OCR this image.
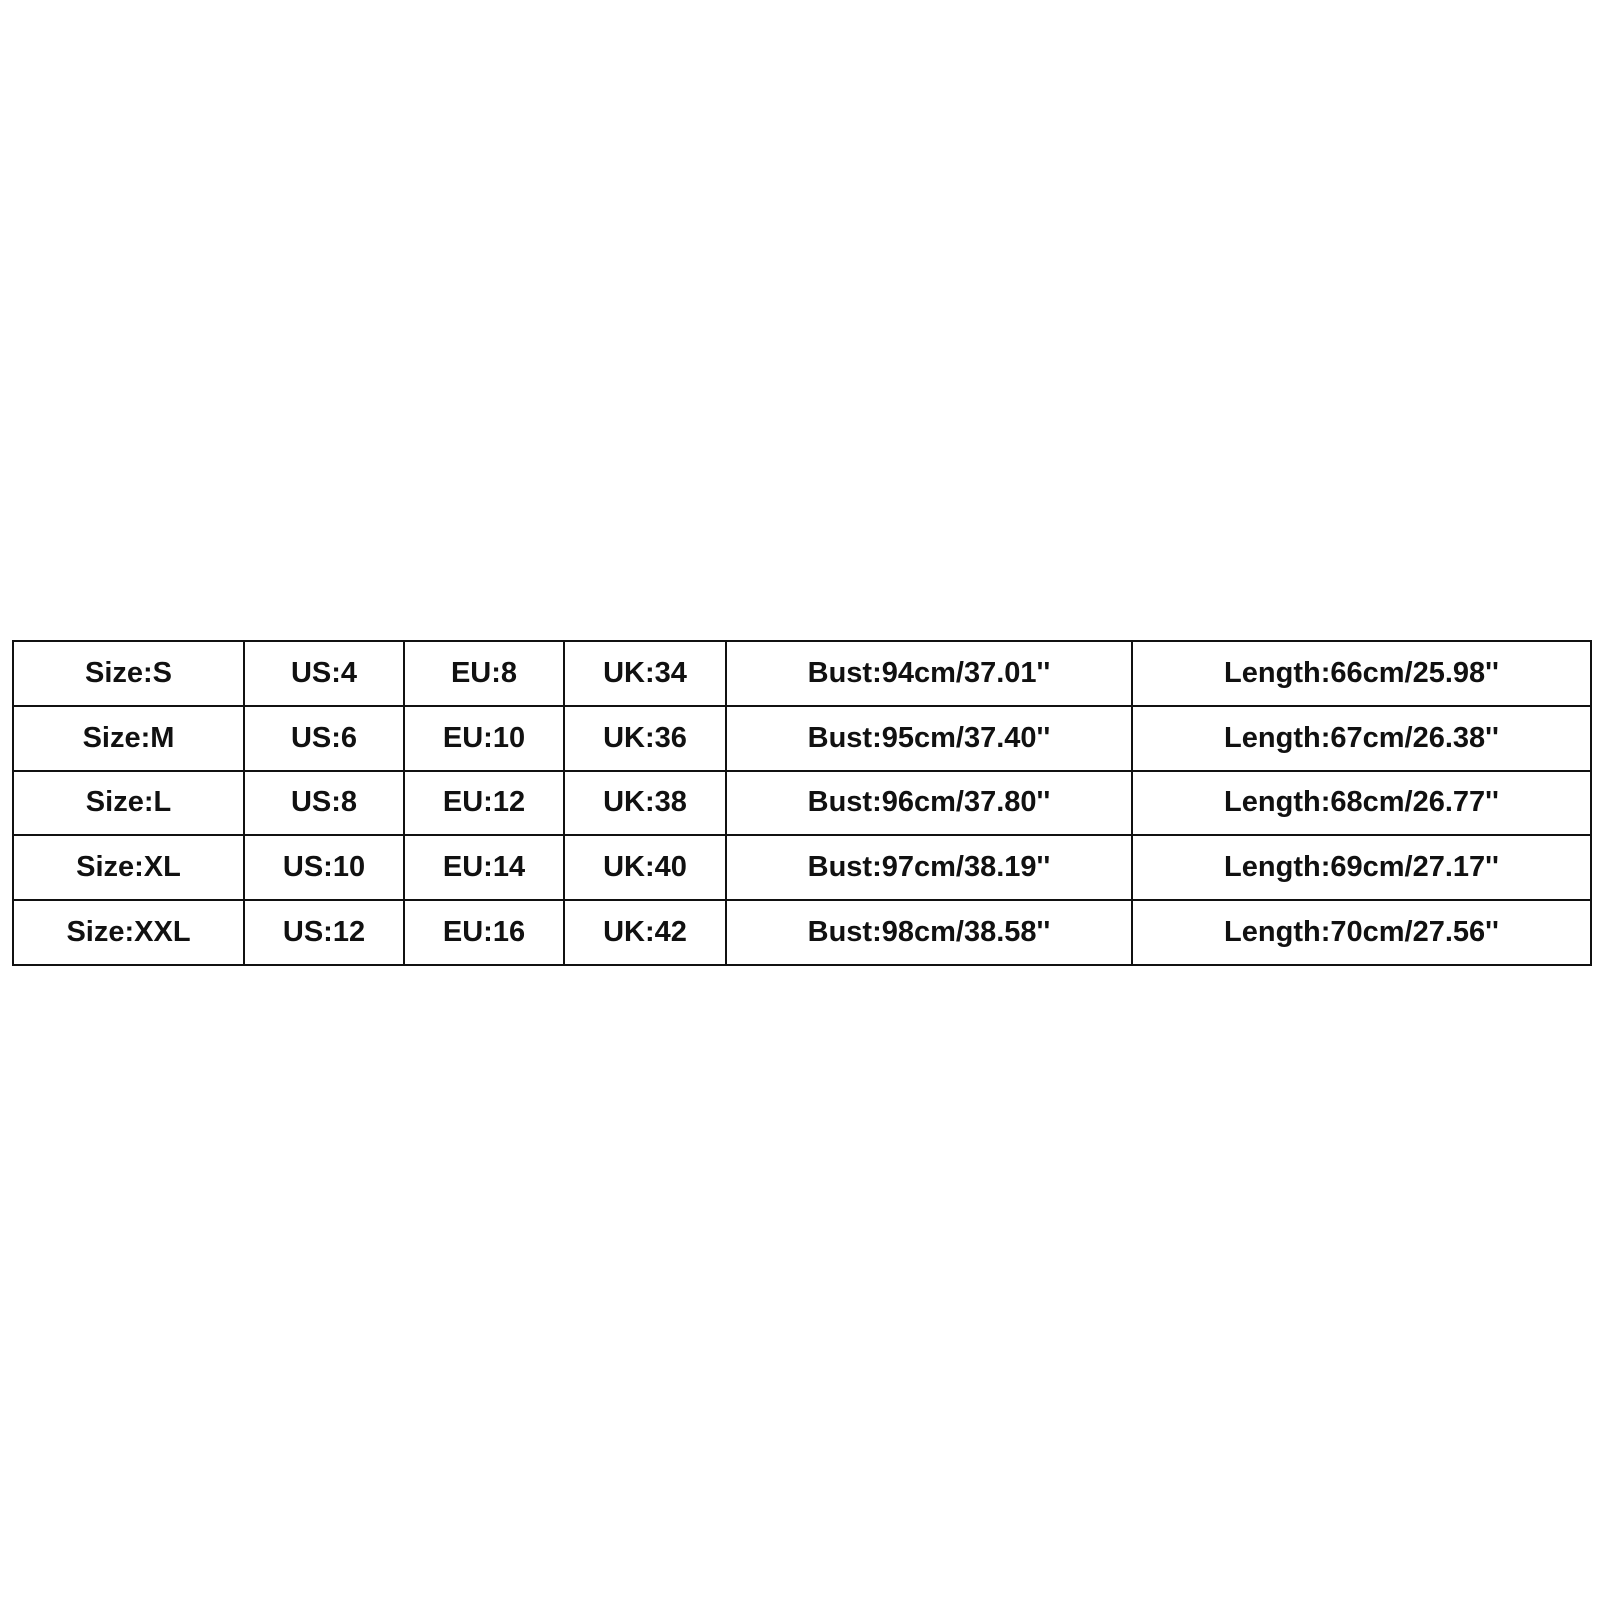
Size:S	US:4	EU:8	UK:34	Bust:94cm/37.01''	Length:66cm/25.98''
Size:M	US:6	EU:10	UK:36	Bust:95cm/37.40''	Length:67cm/26.38''
Size:L	US:8	EU:12	UK:38	Bust:96cm/37.80''	Length:68cm/26.77''
Size:XL	US:10	EU:14	UK:40	Bust:97cm/38.19''	Length:69cm/27.17''
Size:XXL	US:12	EU:16	UK:42	Bust:98cm/38.58''	Length:70cm/27.56''
